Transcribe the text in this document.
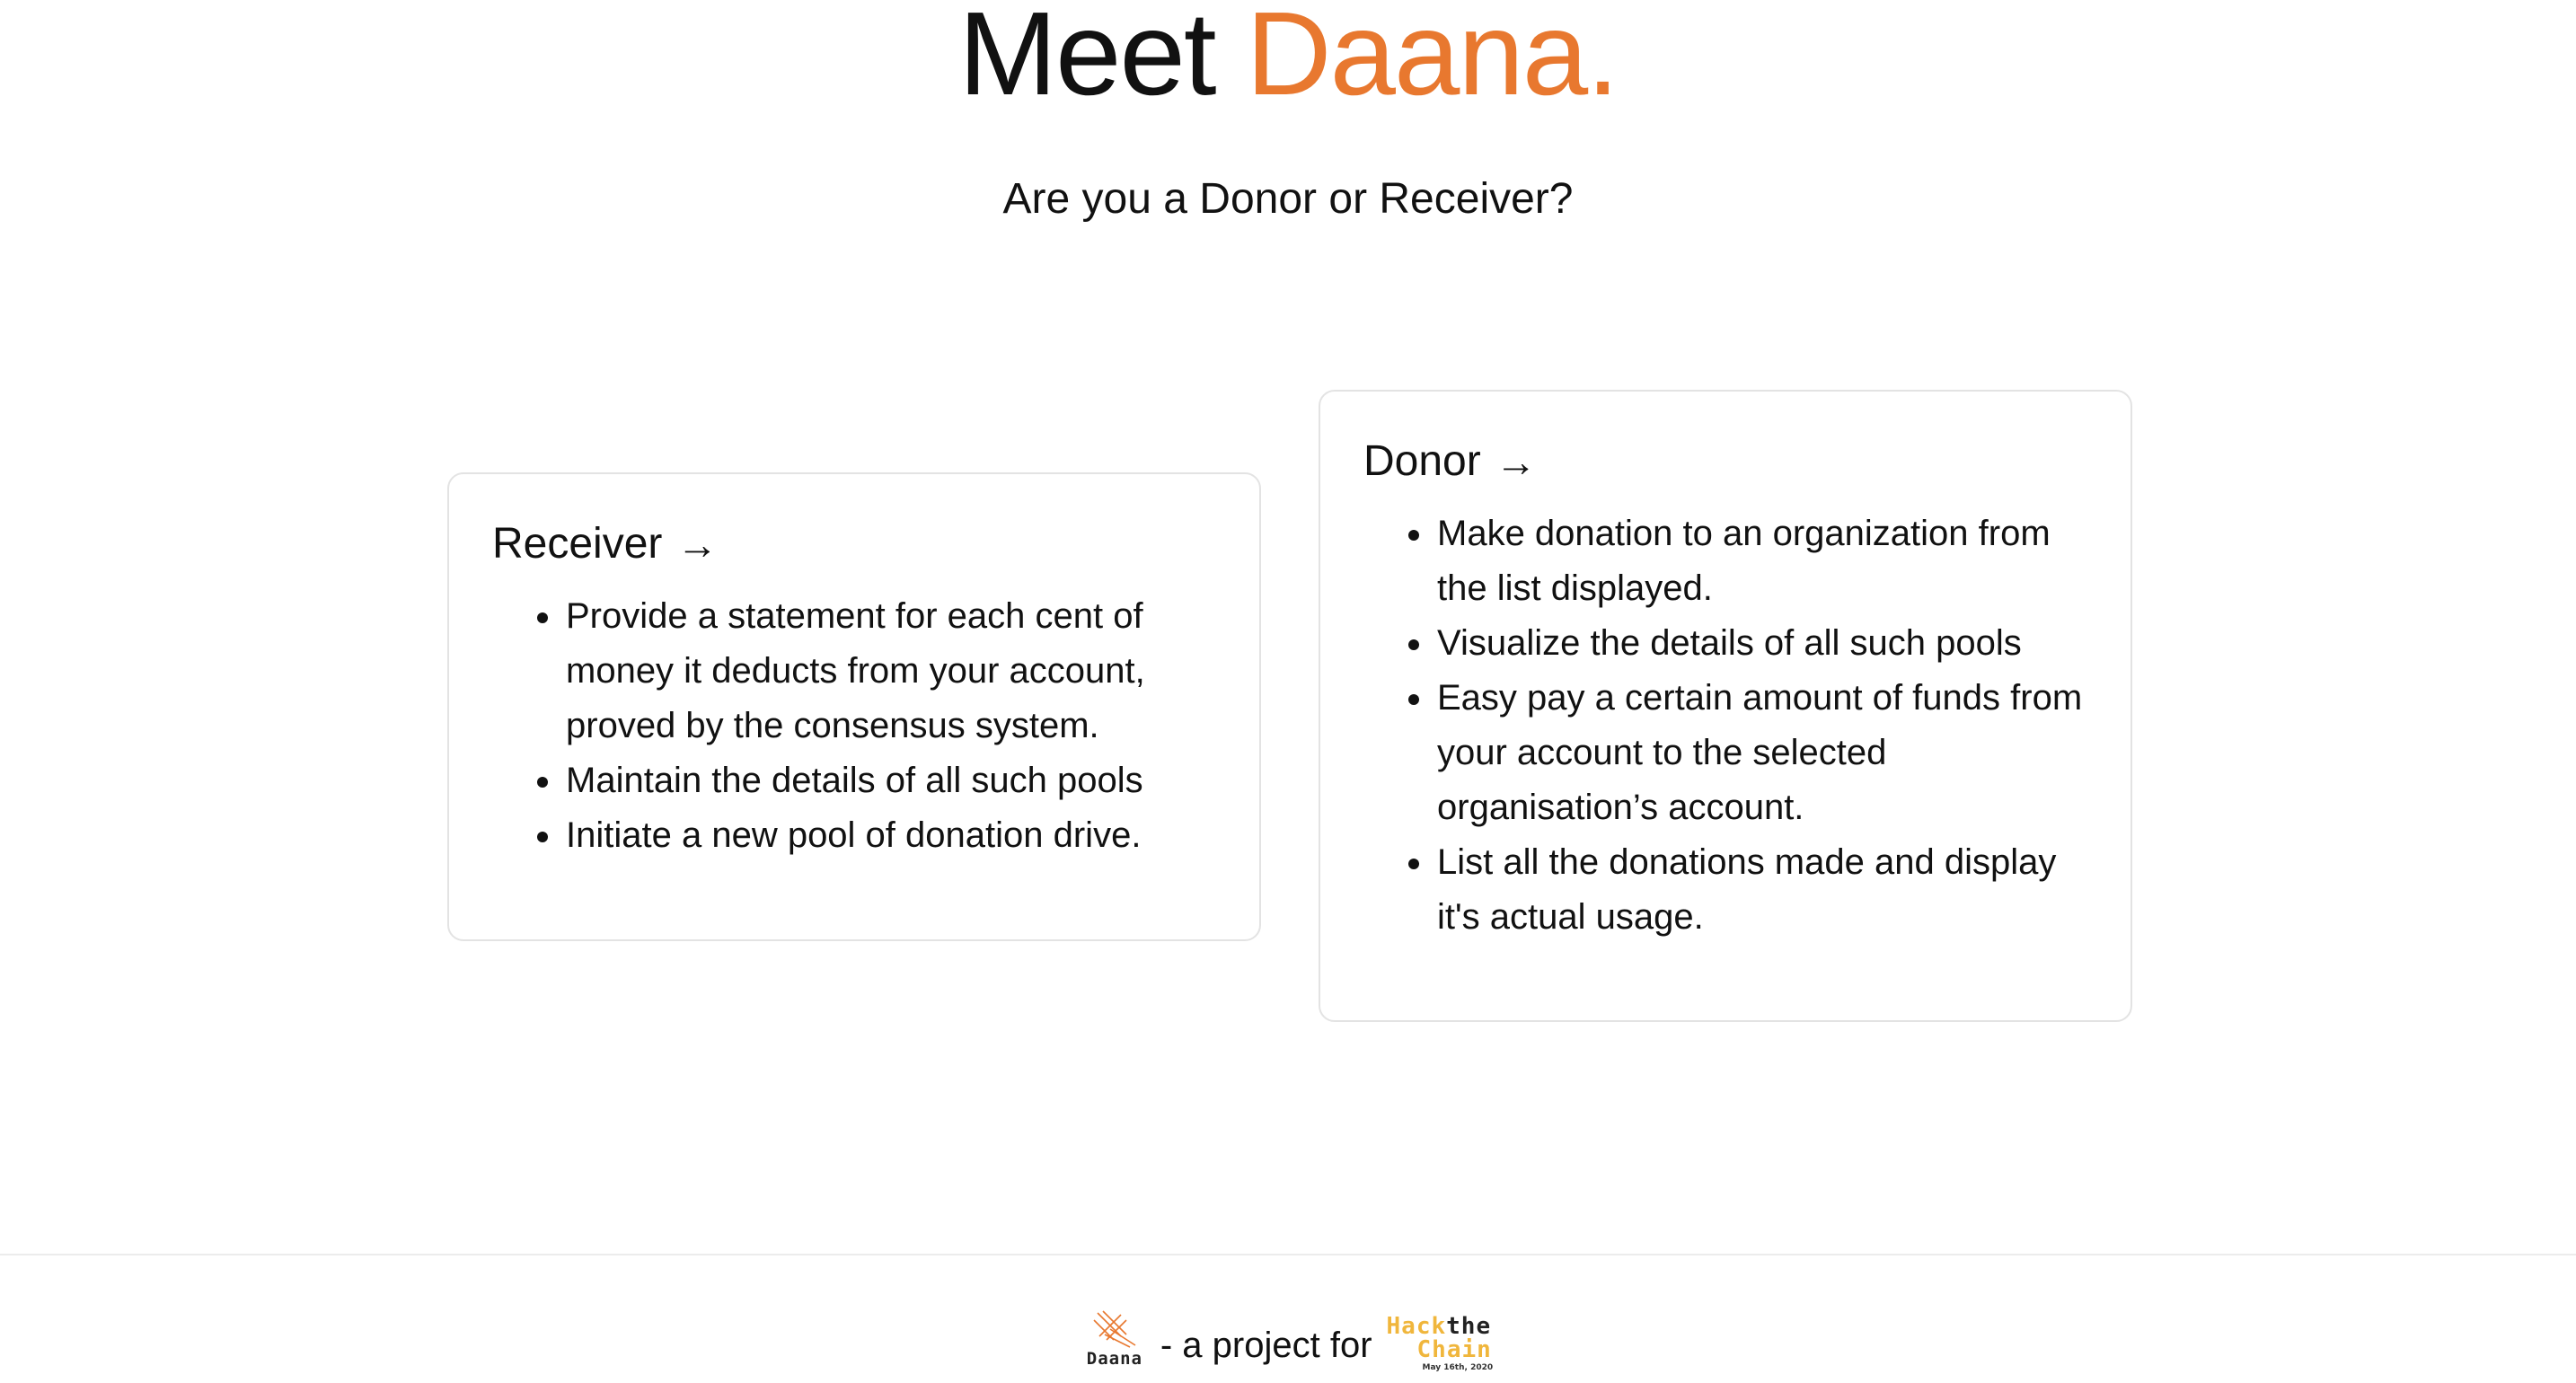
Meet Daana.

Are you a Donor or Receiver?

Receiver →
• Provide a statement for each cent of money it deducts from your account, proved by the consensus system.
• Maintain the details of all such pools
• Initiate a new pool of donation drive.
Donor →
• Make donation to an organization from the list displayed.
• Visualize the details of all such pools
• Easy pay a certain amount of funds from your account to the selected organisation’s account.
• List all the donations made and display it's actual usage.
Daana - a project for Hackthe
Chain
May 16th, 2020
